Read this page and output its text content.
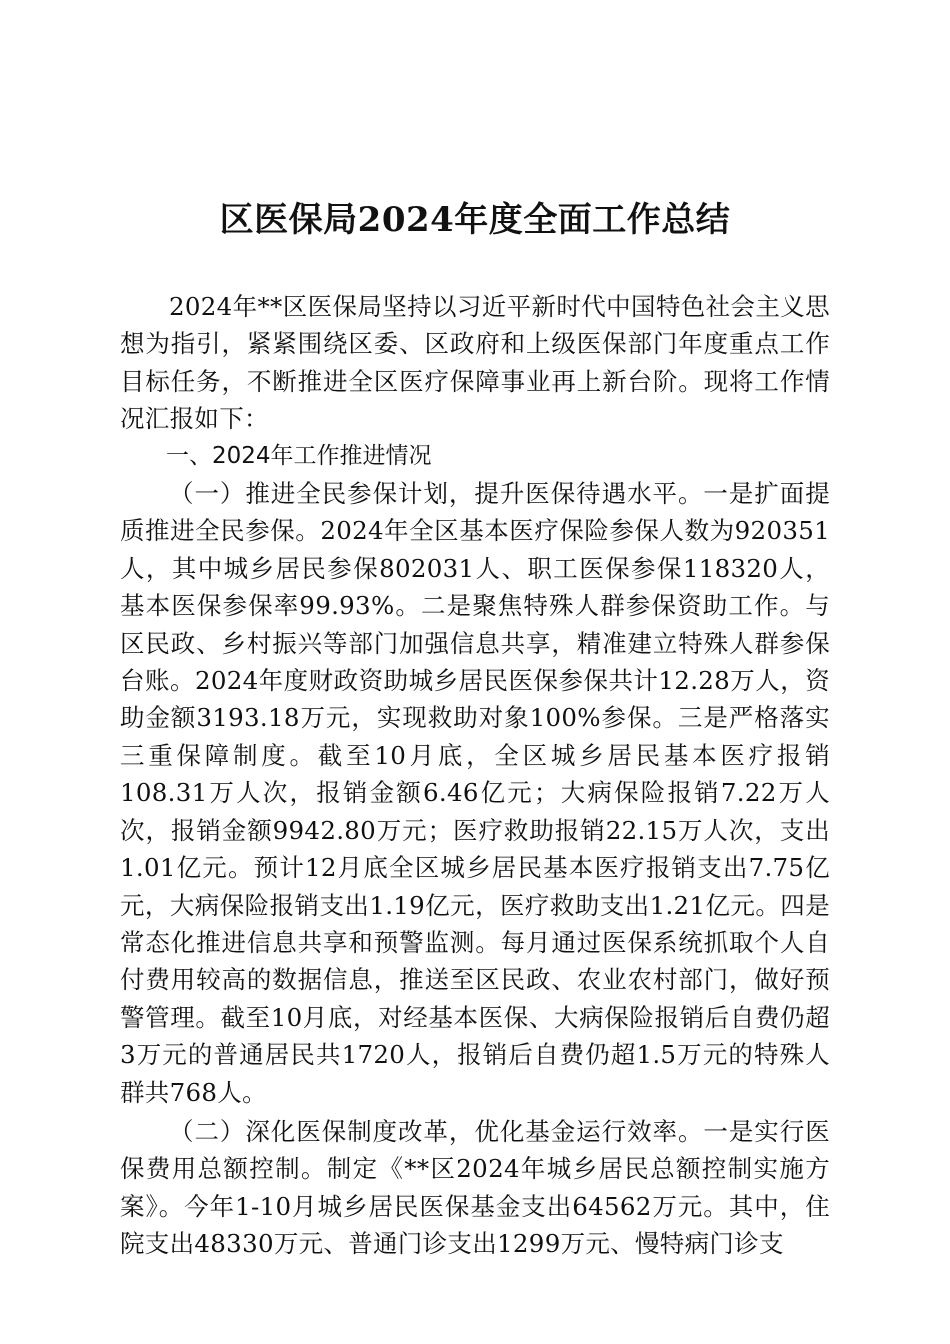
区医保局2024年度全面工作总结

2024年**区医保局坚持以习近平新时代中国特色社会主义思想为指引，紧紧围绕区委、区政府和上级医保部门年度重点工作目标任务，不断推进全区医疗保障事业再上新台阶。现将工作情况汇报如下：

一、2024年工作推进情况

（一）推进全民参保计划，提升医保待遇水平。一是扩面提质推进全民参保。2024年全区基本医疗保险参保人数为920351人，其中城乡居民参保802031人、职工医保参保118320人，基本医保参保率99.93%。二是聚焦特殊人群参保资助工作。与区民政、乡村振兴等部门加强信息共享，精准建立特殊人群参保台账。2024年度财政资助城乡居民医保参保共计12.28万人，资助金额3193.18万元，实现救助对象100%参保。三是严格落实三重保障制度。截至10月底，全区城乡居民基本医疗报销108.31万人次，报销金额6.46亿元；大病保险报销7.22万人次，报销金额9942.80万元；医疗救助报销22.15万人次，支出1.01亿元。预计12月底全区城乡居民基本医疗报销支出7.75亿元，大病保险报销支出1.19亿元，医疗救助支出1.21亿元。四是常态化推进信息共享和预警监测。每月通过医保系统抓取个人自付费用较高的数据信息，推送至区民政、农业农村部门，做好预警管理。截至10月底，对经基本医保、大病保险报销后自费仍超3万元的普通居民共1720人，报销后自费仍超1.5万元的特殊人群共768人。

（二）深化医保制度改革，优化基金运行效率。一是实行医保费用总额控制。制定《**区2024年城乡居民总额控制实施方案》。今年1-10月城乡居民医保基金支出64562万元。其中，住院支出48330万元、普通门诊支出1299万元、慢特病门诊支
